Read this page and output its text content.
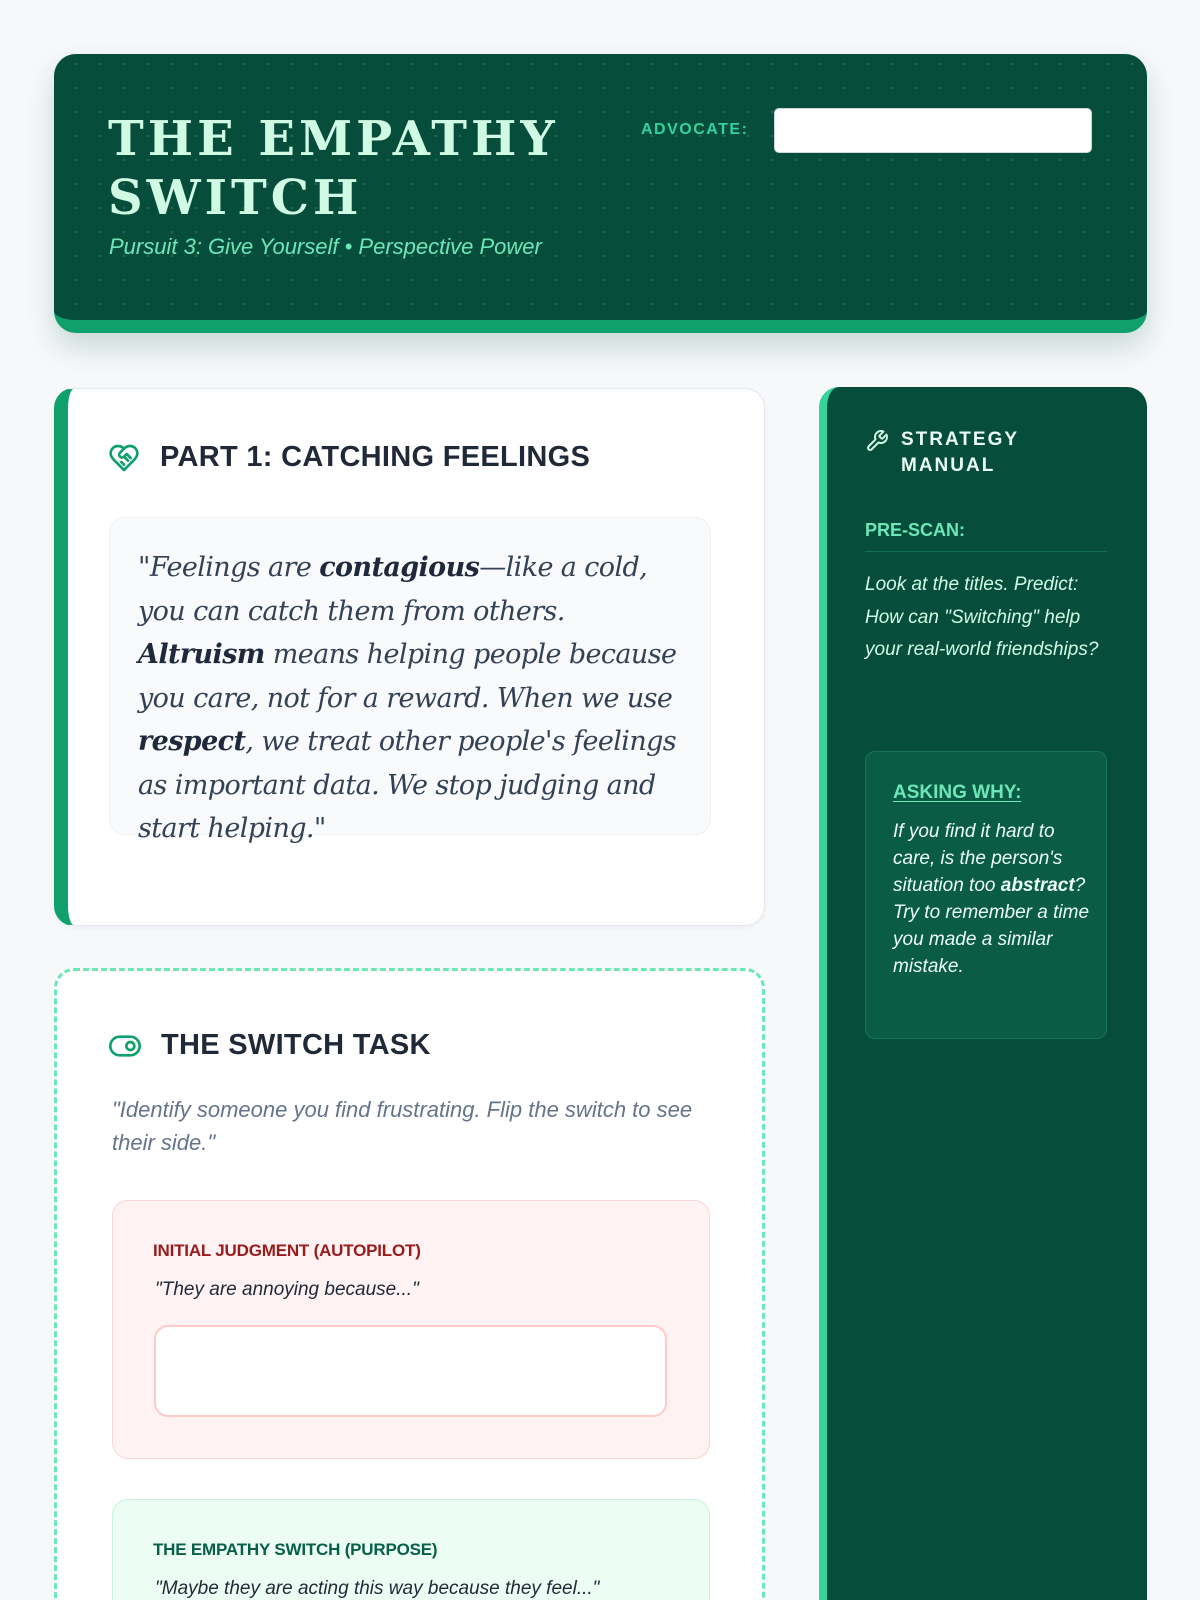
THE EMPATHY SWITCH
Pursuit 3: Give Yourself • Perspective Power
ADVOCATE:
PART 1: CATCHING FEELINGS
"Feelings are contagious—like a cold, you can catch them from others. Altruism means helping people because you care, not for a reward. When we use respect, we treat other people's feelings as important data. We stop judging and start helping."
THE SWITCH TASK

"Identify someone you find frustrating. Flip the switch to see their side."

INITIAL JUDGMENT (AUTOPILOT)
"They are annoying because..."
THE EMPATHY SWITCH (PURPOSE)
"Maybe they are acting this way because they feel..."
STRATEGY MANUAL
PRE-SCAN:

Look at the titles. Predict: How can "Switching" help your real-world friendships?

ASKING WHY:

If you find it hard to care, is the person's situation too abstract? Try to remember a time you made a similar mistake.
